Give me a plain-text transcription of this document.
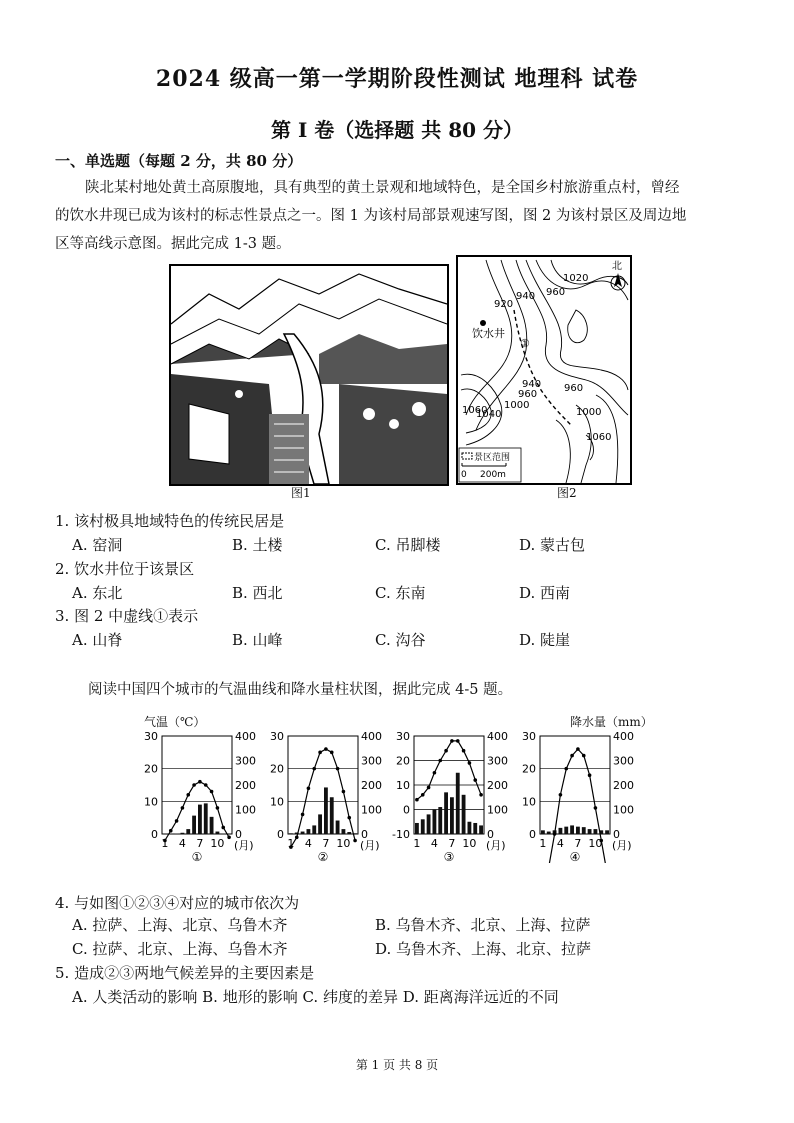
2024 级高一第一学期阶段性测试 地理科 试卷
第 I 卷（选择题 共 80 分）
一、单选题（每题 2 分，共 80 分）
陕北某村地处黄土高原腹地，具有典型的黄土景观和地域特色，是全国乡村旅游重点村，曾经
的饮水井现已成为该村的标志性景点之一。图 1 为该村局部景观速写图，图 2 为该村景区及周边地
区等高线示意图。据此完成 1-3 题。
图1
饮水井
①
1020
960
940
920
940
960
960
1000
1040
1060	1000
1060
北
景区范围
0 200m
图2
1. 该村极具地域特色的传统民居是
A. 窑洞	B. 土楼	C. 吊脚楼	D. 蒙古包
2. 饮水井位于该景区
A. 东北	B. 西北	C. 东南	D. 西南
3. 图 2 中虚线①表示
A. 山脊	B. 山峰	C. 沟谷	D. 陡崖
阅读中国四个城市的气温曲线和降水量柱状图，据此完成 4-5 题。
气温（℃）	降水量（mm）
30
20
10
0
400
300
200
100
0
1 4 7 10 (月)
①
30
20
10
0
400
300
200
100
0
1 4 7 10 (月)
②
30
20
10
0
-10
400
300
200
100
0
1 4 7 10 (月)
③
30
20
10
0
400
300
200
100
0
1 4 7 10 (月)
④
4. 与如图①②③④对应的城市依次为
A. 拉萨、上海、北京、乌鲁木齐	B. 乌鲁木齐、北京、上海、拉萨
C. 拉萨、北京、上海、乌鲁木齐	D. 乌鲁木齐、上海、北京、拉萨
5. 造成②③两地气候差异的主要因素是
A. 人类活动的影响 B. 地形的影响 C. 纬度的差异 D. 距离海洋远近的不同
第 1 页 共 8 页
